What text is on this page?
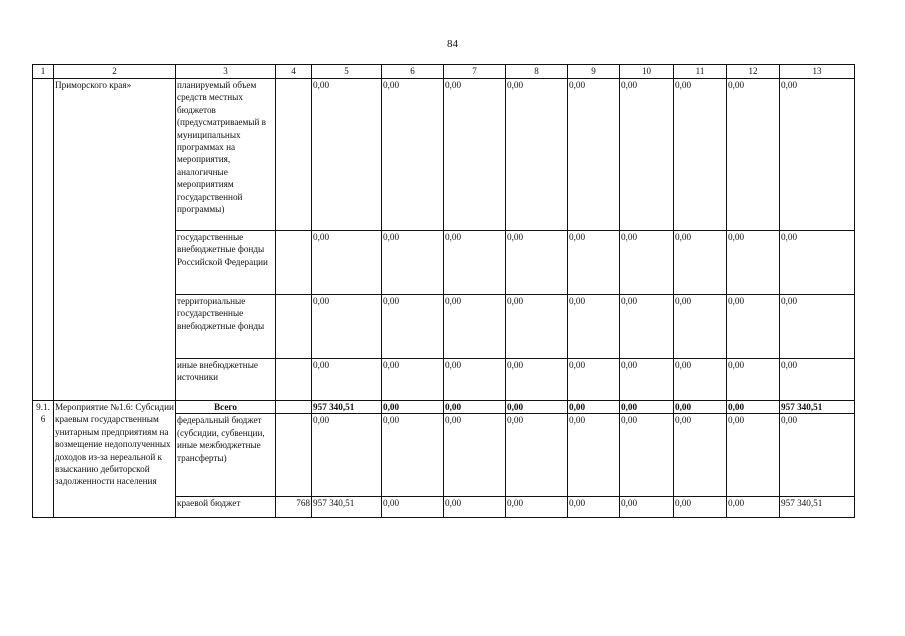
84
1	2	3	4	5	6	7	8	9	10	11	12	13
	Приморского края»	планируемый объем средств местных бюджетов (предусматриваемый в муниципальных программах на мероприятия, аналогичные мероприятиям государственной программы)		0,00	0,00	0,00	0,00	0,00	0,00	0,00	0,00	0,00
		государственные внебюджетные фонды Российской Федерации		0,00	0,00	0,00	0,00	0,00	0,00	0,00	0,00	0,00
		территориальные государственные внебюджетные фонды		0,00	0,00	0,00	0,00	0,00	0,00	0,00	0,00	0,00
		иные внебюджетные источники		0,00	0,00	0,00	0,00	0,00	0,00	0,00	0,00	0,00
9.1.6	Мероприятие №1.6: Субсидии краевым государственным унитарным предприятиям на возмещение недополученных доходов из-за нереальной к взысканию дебиторской задолженности населения	Всего		957 340,51	0,00	0,00	0,00	0,00	0,00	0,00	0,00	957 340,51
		федеральный бюджет (субсидии, субвенции, иные межбюджетные трансферты)		0,00	0,00	0,00	0,00	0,00	0,00	0,00	0,00	0,00
		краевой бюджет	768	957 340,51	0,00	0,00	0,00	0,00	0,00	0,00	0,00	957 340,51
